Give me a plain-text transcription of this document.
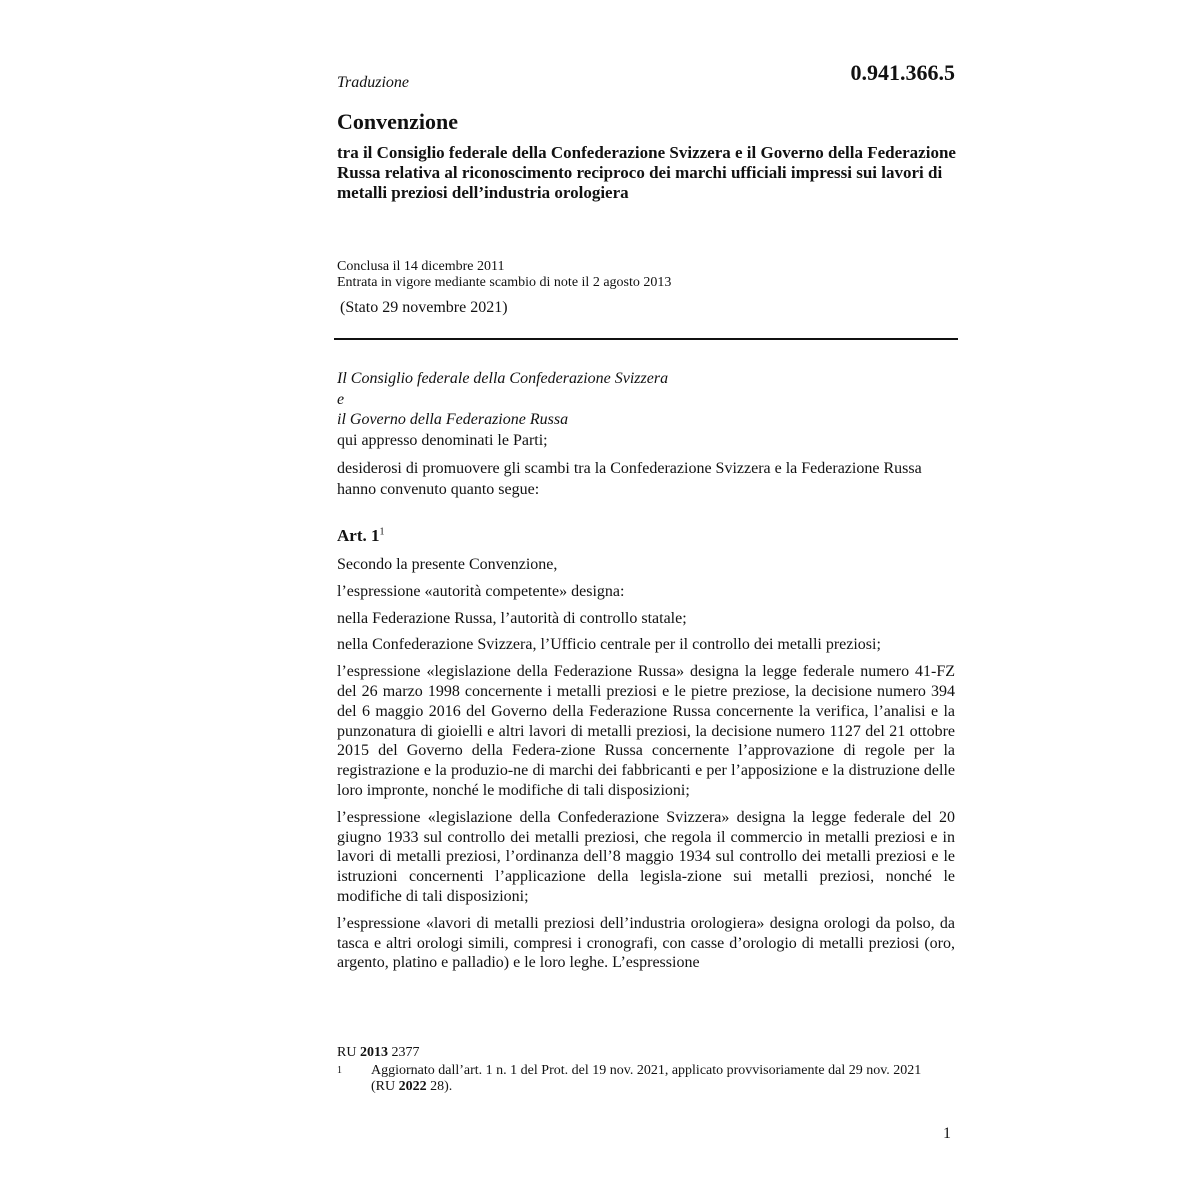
0.941.366.5
Traduzione
Convenzione
tra il Consiglio federale della Confederazione Svizzera e il Governo della Federazione Russa relativa al riconoscimento reciproco dei marchi ufficiali impressi sui lavori di metalli preziosi dell’industria orologiera
Conclusa il 14 dicembre 2011
Entrata in vigore mediante scambio di note il 2 agosto 2013
(Stato 29 novembre 2021)
Il Consiglio federale della Confederazione Svizzera
e
il Governo della Federazione Russa
qui appresso denominati le Parti;
desiderosi di promuovere gli scambi tra la Confederazione Svizzera e la Federazione Russa hanno convenuto quanto segue:
Art. $1^1$

Secondo la presente Convenzione,

l’espressione «autorità competente» designa:

nella Federazione Russa, l’autorità di controllo statale;

nella Confederazione Svizzera, l’Ufficio centrale per il controllo dei metalli preziosi;

l’espressione «legislazione della Federazione Russa» designa la legge federale numero 41-FZ del 26 marzo 1998 concernente i metalli preziosi e le pietre preziose, la decisione numero 394 del 6 maggio 2016 del Governo della Federazione Russa concernente la verifica, l’analisi e la punzonatura di gioielli e altri lavori di metalli preziosi, la decisione numero 1127 del 21 ottobre 2015 del Governo della Federa-zione Russa concernente l’approvazione di regole per la registrazione e la produzio-ne di marchi dei fabbricanti e per l’apposizione e la distruzione delle loro impronte, nonché le modifiche di tali disposizioni;

l’espressione «legislazione della Confederazione Svizzera» designa la legge federale del 20 giugno 1933 sul controllo dei metalli preziosi, che regola il commercio in metalli preziosi e in lavori di metalli preziosi, l’ordinanza dell’8 maggio 1934 sul controllo dei metalli preziosi e le istruzioni concernenti l’applicazione della legisla-zione sui metalli preziosi, nonché le modifiche di tali disposizioni;

l’espressione «lavori di metalli preziosi dell’industria orologiera» designa orologi da polso, da tasca e altri orologi simili, compresi i cronografi, con casse d’orologio di metalli preziosi (oro, argento, platino e palladio) e le loro leghe. L’espressione

RU 2013 2377
1 Aggiornato dall’art. 1 n. 1 del Prot. del 19 nov. 2021, applicato provvisoriamente dal 29 nov. 2021 (RU 2022 28).
1
